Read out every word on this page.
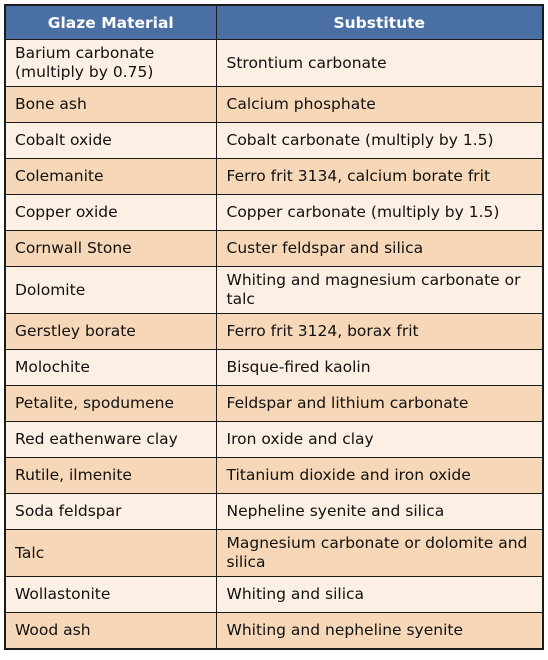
Glaze Material	Substitute
Barium carbonate (multiply by 0.75)	Strontium carbonate
Bone ash	Calcium phosphate
Cobalt oxide	Cobalt carbonate (multiply by 1.5)
Colemanite	Ferro frit 3134, calcium borate frit
Copper oxide	Copper carbonate (multiply by 1.5)
Cornwall Stone	Custer feldspar and silica
Dolomite	Whiting and magnesium carbonate or talc
Gerstley borate	Ferro frit 3124, borax frit
Molochite	Bisque-fired kaolin
Petalite, spodumene	Feldspar and lithium carbonate
Red eathenware clay	Iron oxide and clay
Rutile, ilmenite	Titanium dioxide and iron oxide
Soda feldspar	Nepheline syenite and silica
Talc	Magnesium carbonate or dolomite and silica
Wollastonite	Whiting and silica
Wood ash	Whiting and nepheline syenite
